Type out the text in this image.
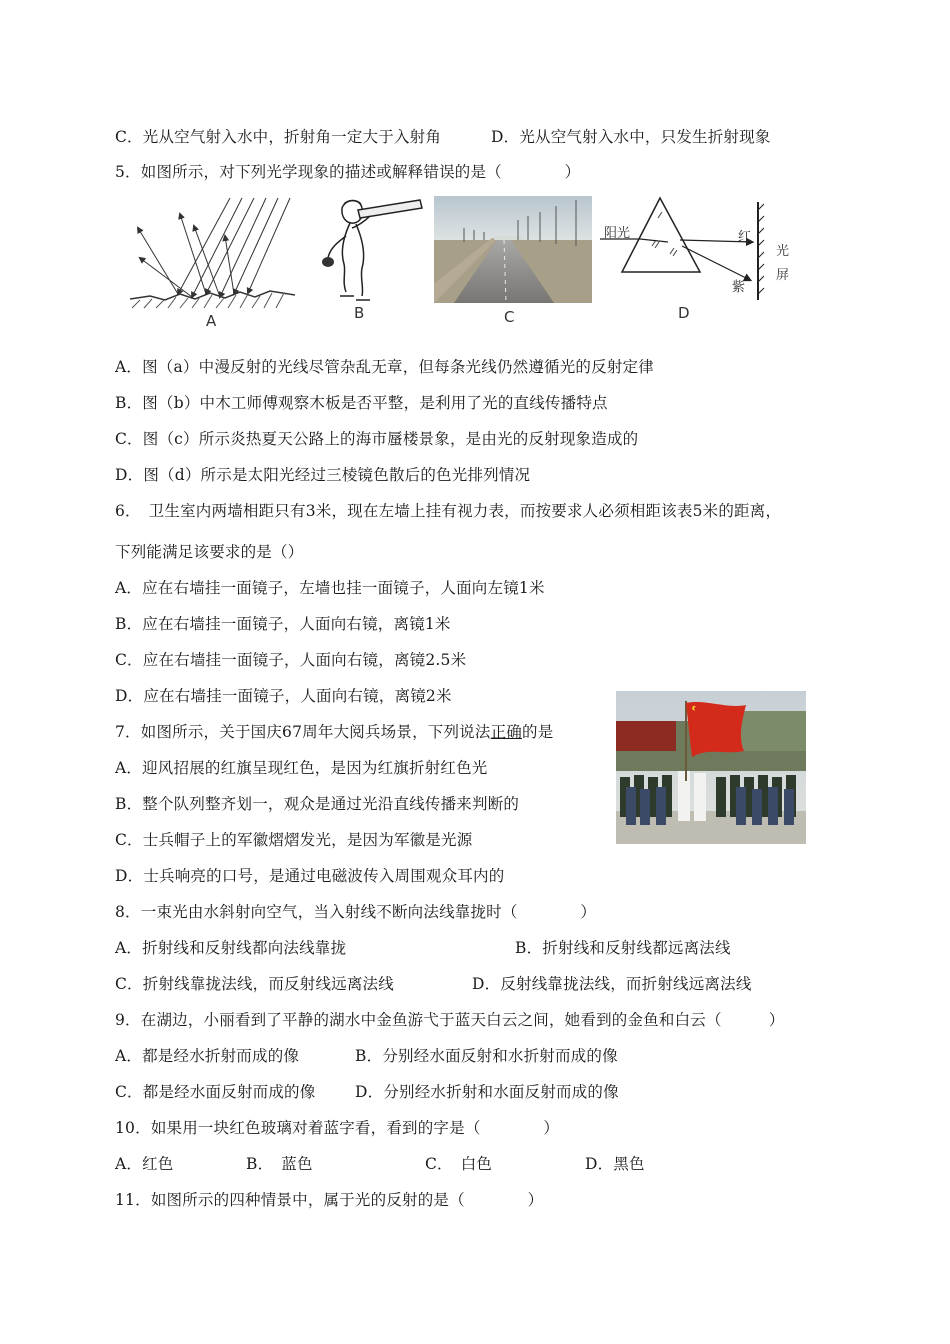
C．光从空气射入水中，折射角一定大于入射角	D．光从空气射入水中，只发生折射现象
5．如图所示，对下列光学现象的描述或解释错误的是（　　　　）
A	B	C
阳光	红
紫
光
屏
D
A．图（a）中漫反射的光线尽管杂乱无章，但每条光线仍然遵循光的反射定律
B．图（b）中木工师傅观察木板是否平整，是利用了光的直线传播特点
C．图（c）所示炎热夏天公路上的海市蜃楼景象，是由光的反射现象造成的
D．图（d）所示是太阳光经过三棱镜色散后的色光排列情况
6．　卫生室内两墙相距只有3米，现在左墙上挂有视力表，而按要求人必须相距该表5米的距离，
下列能满足该要求的是（）
A．应在右墙挂一面镜子，左墙也挂一面镜子，人面向左镜1米
B．应在右墙挂一面镜子，人面向右镜，离镜1米
C．应在右墙挂一面镜子，人面向右镜，离镜2.5米
D．应在右墙挂一面镜子，人面向右镜，离镜2米
7．如图所示，关于国庆67周年大阅兵场景，下列说法正确的是
A．迎风招展的红旗呈现红色，是因为红旗折射红色光
B．整个队列整齐划一，观众是通过光沿直线传播来判断的
C．士兵帽子上的军徽熠熠发光，是因为军徽是光源
D．士兵响亮的口号，是通过电磁波传入周围观众耳内的
8．一束光由水斜射向空气，当入射线不断向法线靠拢时（　　　　）
A．折射线和反射线都向法线靠拢	B．折射线和反射线都远离法线
C．折射线靠拢法线，而反射线远离法线	D．反射线靠拢法线，而折射线远离法线
9．在湖边，小丽看到了平静的湖水中金鱼游弋于蓝天白云之间，她看到的金鱼和白云（　　　）
A．都是经水折射而成的像	B．分别经水面反射和水折射而成的像
C．都是经水面反射而成的像	D．分别经水折射和水面反射而成的像
10．如果用一块红色玻璃对着蓝字看，看到的字是（　　　　）
A．红色	B．　蓝色	C．　白色	D．黑色
11．如图所示的四种情景中，属于光的反射的是（　　　　）
